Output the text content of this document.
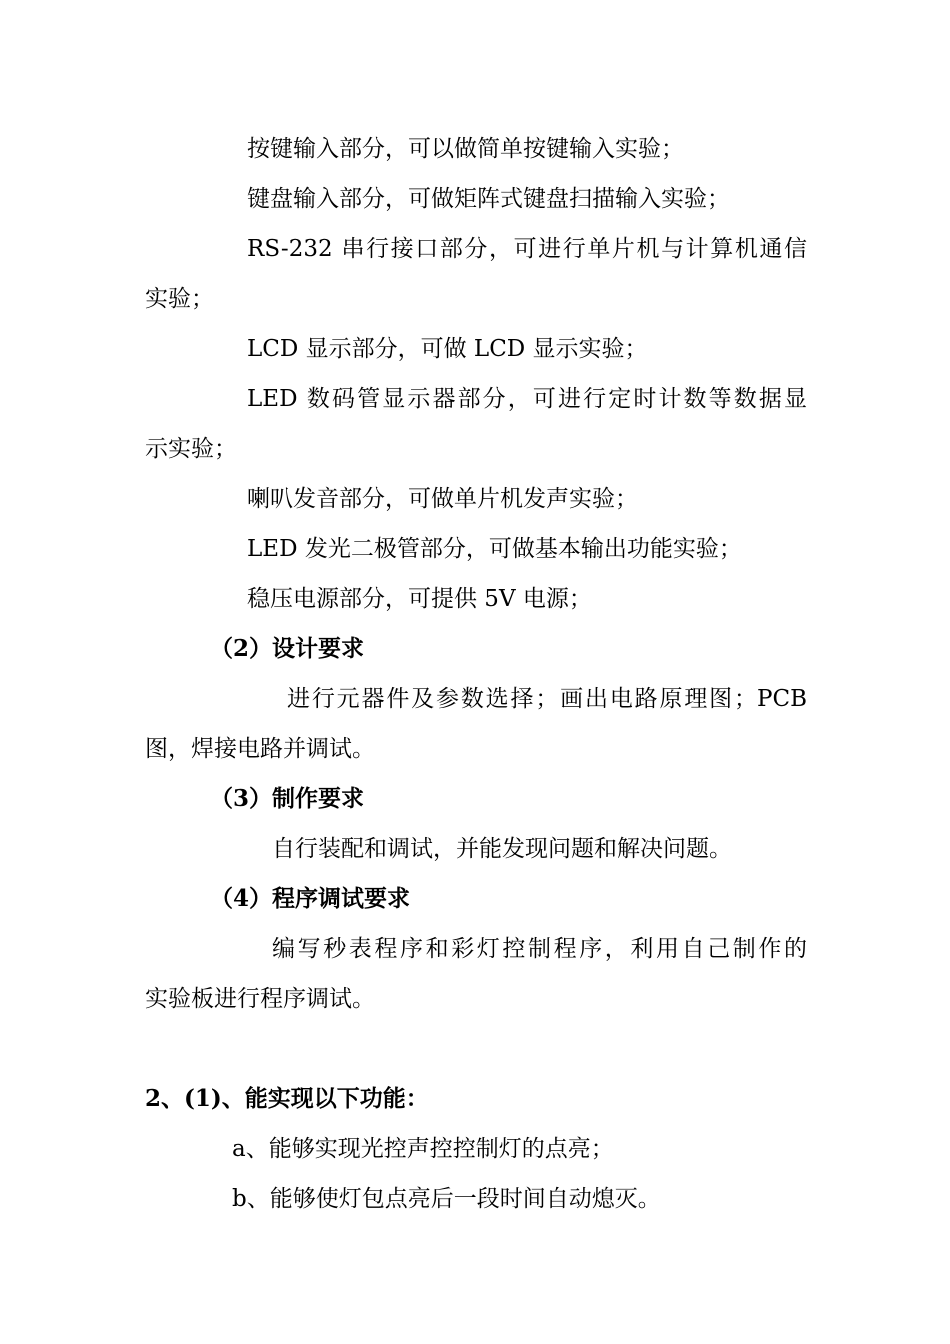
按键输入部分，可以做简单按键输入实验；
键盘输入部分，可做矩阵式键盘扫描输入实验；
RS-232 串行接口部分，可进行单片机与计算机通信
实验；
LCD 显示部分，可做 LCD 显示实验；
LED 数码管显示器部分，可进行定时计数等数据显
示实验；
喇叭发音部分，可做单片机发声实验；
LED 发光二极管部分，可做基本输出功能实验；
稳压电源部分，可提供 5V 电源；
（2）设计要求
进行元器件及参数选择；画出电路原理图；PCB
图，焊接电路并调试。
（3）制作要求
自行装配和调试，并能发现问题和解决问题。
（4）程序调试要求
编写秒表程序和彩灯控制程序，利用自己制作的
实验板进行程序调试。
2、(1)、能实现以下功能：
a、能够实现光控声控控制灯的点亮；
b、能够使灯包点亮后一段时间自动熄灭。
